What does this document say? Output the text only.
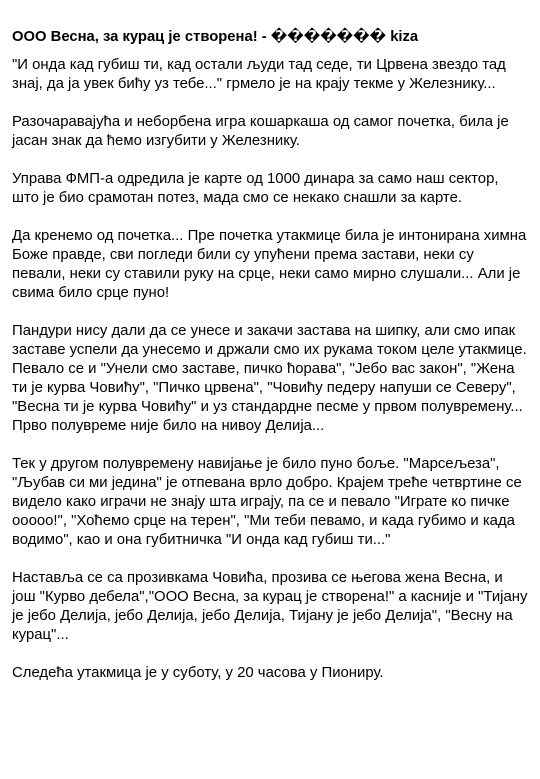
ООО Весна, за курац је створена! - ������� kiza

"И онда кад губиш ти, кад остали људи тад седе, ти Црвена звездо тад знај, да ја увек бићу уз тебе..." грмело је на крају текме у Железнику...

Разочаравајућа и неборбена игра кошаркаша од самог почетка, била је јасан знак да ћемо изгубити у Железнику.

Управа ФМП-а одредила је карте од 1000 динара за само наш сектор, што је био срамотан потез, мада смо се некако снашли за карте.

Да кренемо од почетка... Пре почетка утакмице била је интонирана химна Боже правде, сви погледи били су упућени према застави, неки су певали, неки су ставили руку на срце, неки само мирно слушали... Али је свима било срце пуно!

Пандури нису дали да се унесе и закачи застава на шипку, али смо ипак заставе успели да унесемо и држали смо их рукама током целе утакмице. Певало се и "Унели смо заставе, пичко ћорава", "Јебо вас закон", "Жена ти је курва Човићу", "Пичко црвена", "Човићу педеру напуши се Северу", "Весна ти је курва Човићу" и уз стандардне песме у првом полувремену... Прво полувреме није било на нивоу Делија...

Тек у другом полувремену навијање је било пуно боље. "Марсељеза", "Љубав си ми једина" је отпевана врло добро. Крајем треће четвртине се видело како играчи не знају шта играју, па се и певало "Играте ко пичке ооооо!", "Хоћемо срце на терен", "Ми теби певамо, и када губимо и када водимо", као и она губитничка "И онда кад губиш ти..."

Наставља се са прозивкама Човића, прозива се његова жена Весна, и још "Курво дебела","ООО Весна, за курац је створена!" а касније и "Тијану је јебо Делија, јебо Делија, јебо Делија, Тијану је јебо Делија", "Весну на курац"...

Следећа утакмица је у суботу, у 20 часова у Пиониру.
